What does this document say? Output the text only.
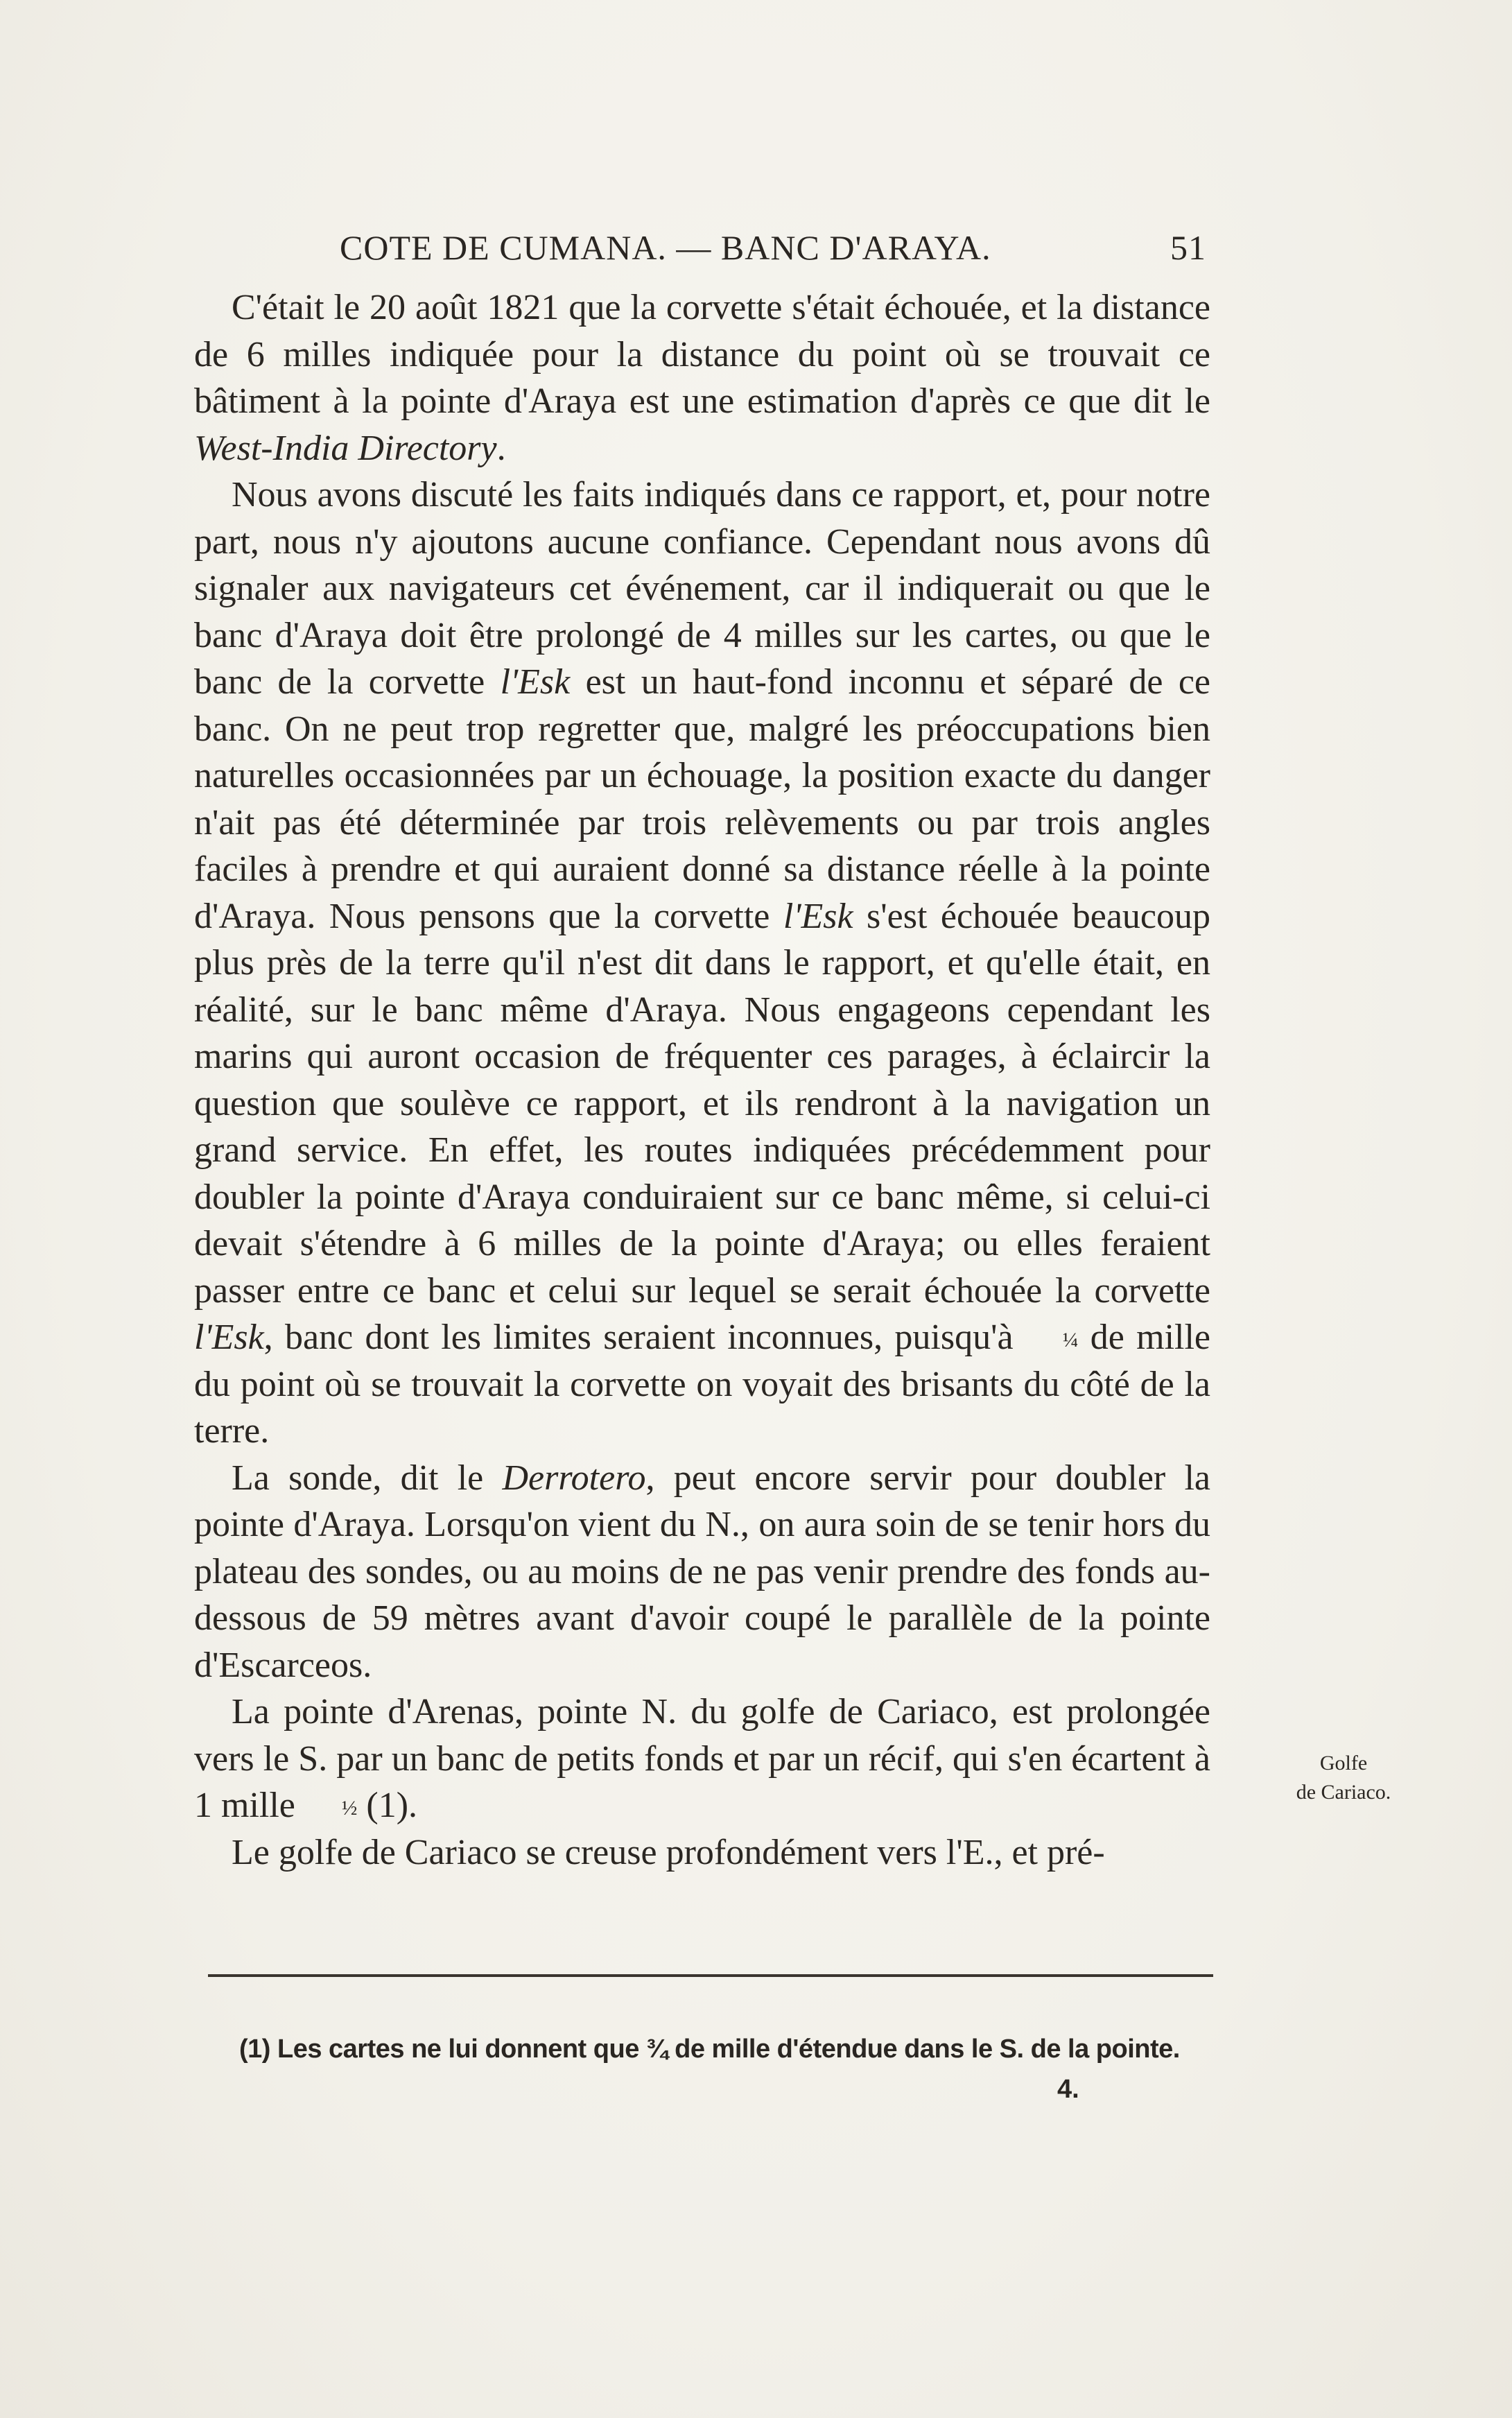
COTE DE CUMANA. — BANC D'ARAYA.	51

C'était le 20 août 1821 que la corvette s'était échouée, et la distance de 6 milles indiquée pour la distance du point où se trouvait ce bâtiment à la pointe d'Araya est une estimation d'après ce que dit le West-India Directory.

Nous avons discuté les faits indiqués dans ce rapport, et, pour notre part, nous n'y ajoutons aucune confiance. Cependant nous avons dû signaler aux navigateurs cet événement, car il indiquerait ou que le banc d'Araya doit être prolongé de 4 milles sur les cartes, ou que le banc de la corvette l'Esk est un haut-fond inconnu et séparé de ce banc. On ne peut trop regretter que, malgré les préoccupations bien naturelles occasionnées par un échouage, la position exacte du danger n'ait pas été déterminée par trois relèvements ou par trois angles faciles à prendre et qui auraient donné sa distance réelle à la pointe d'Araya. Nous pensons que la corvette l'Esk s'est échouée beaucoup plus près de la terre qu'il n'est dit dans le rapport, et qu'elle était, en réalité, sur le banc même d'Araya. Nous engageons cependant les marins qui auront occasion de fréquenter ces parages, à éclaircir la question que soulève ce rapport, et ils rendront à la navigation un grand service. En effet, les routes indiquées précédemment pour doubler la pointe d'Araya conduiraient sur ce banc même, si celui-ci devait s'étendre à 6 milles de la pointe d'Araya; ou elles feraient passer entre ce banc et celui sur lequel se serait échouée la corvette l'Esk, banc dont les limites seraient inconnues, puisqu'à ¼ de mille du point où se trouvait la corvette on voyait des brisants du côté de la terre.

La sonde, dit le Derrotero, peut encore servir pour doubler la pointe d'Araya. Lorsqu'on vient du N., on aura soin de se tenir hors du plateau des sondes, ou au moins de ne pas venir prendre des fonds au-dessous de 59 mètres avant d'avoir coupé le parallèle de la pointe d'Escarceos.

La pointe d'Arenas, pointe N. du golfe de Cariaco, est prolongée vers le S. par un banc de petits fonds et par un récif, qui s'en écartent à 1 mille ½ (1).

Le golfe de Cariaco se creuse profondément vers l'E., et pré-

Golfe
de Cariaco.
(1) Les cartes ne lui donnent que ¾ de mille d'étendue dans le S. de la pointe.
4.
